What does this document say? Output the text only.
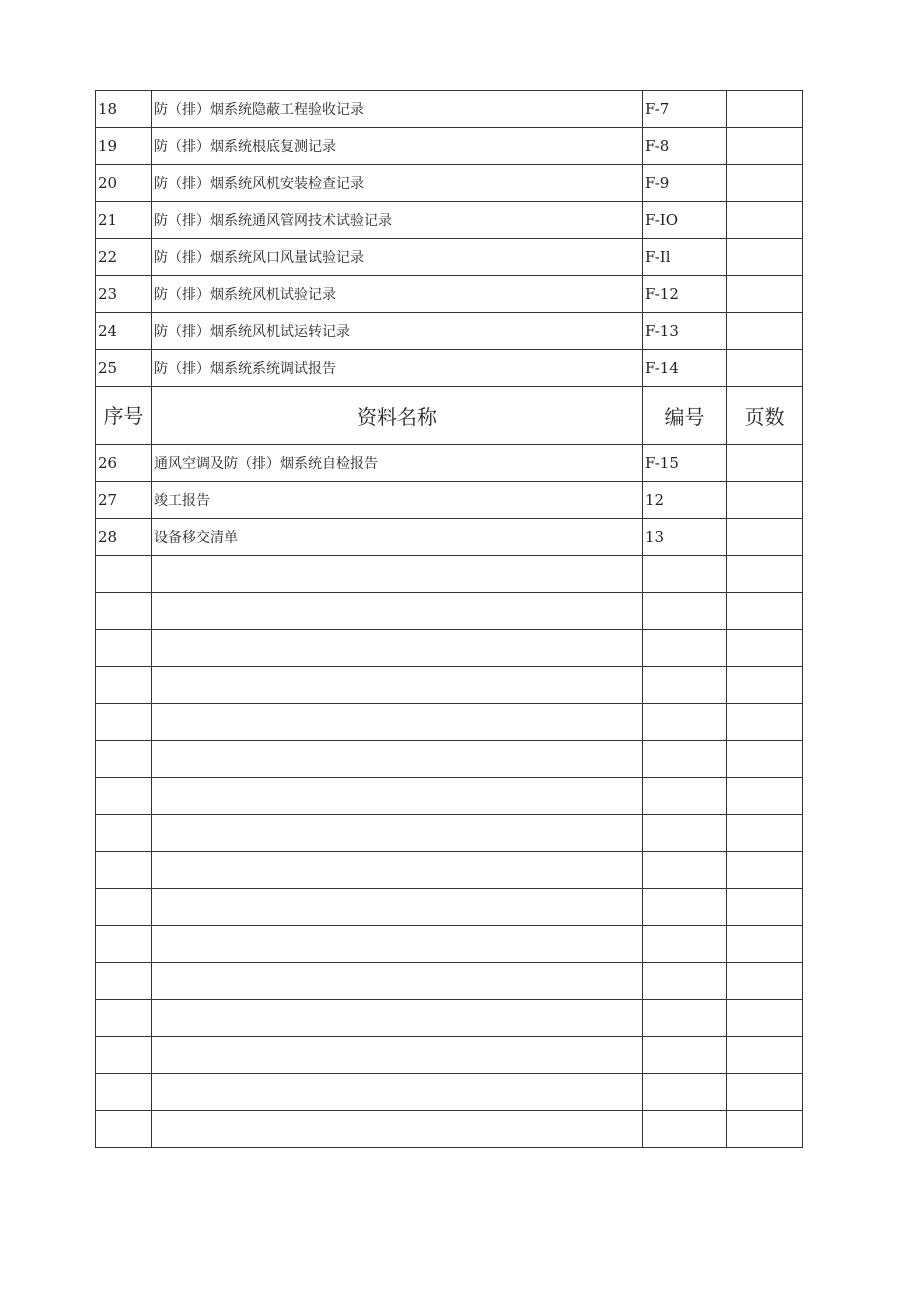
18	防（排）烟系统隐蔽工程验收记录	F-7	
19	防（排）烟系统根底复测记录	F-8	
20	防（排）烟系统风机安装检查记录	F-9	
21	防（排）烟系统通风管网技术试验记录	F-IO	
22	防（排）烟系统风口风量试验记录	F-Il	
23	防（排）烟系统风机试验记录	F-12	
24	防（排）烟系统风机试运转记录	F-13	
25	防（排）烟系统系统调试报告	F-14	
序号	资料名称	编号	页数
26	通风空调及防（排）烟系统自检报告	F-15	
27	竣工报告	12	
28	设备移交清单	13	
